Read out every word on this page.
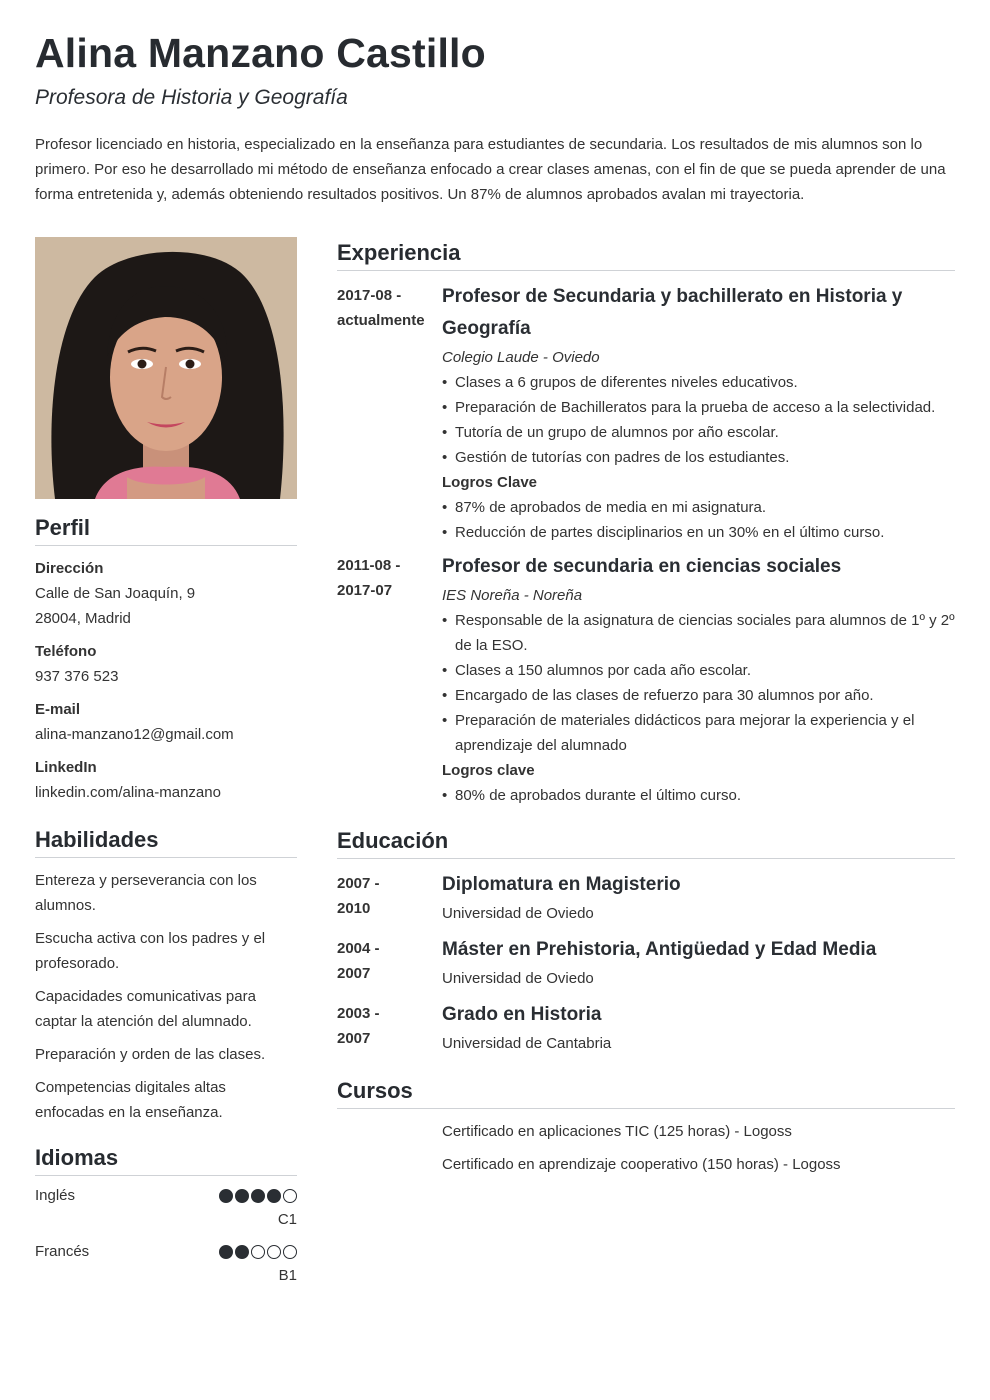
Alina Manzano Castillo
Profesora de Historia y Geografía
Profesor licenciado en historia, especializado en la enseñanza para estudiantes de secundaria. Los resultados de mis alumnos son lo primero. Por eso he desarrollado mi método de enseñanza enfocado a crear clases amenas, con el fin de que se pueda aprender de una forma entretenida y, además obteniendo resultados positivos. Un 87% de alumnos aprobados avalan mi trayectoria.
Perfil
Dirección
Calle de San Joaquín, 9
28004, Madrid
Teléfono
937 376 523
E-mail
alina-manzano12@gmail.com
LinkedIn
linkedin.com/alina-manzano
Habilidades
Entereza y perseverancia con los alumnos.
Escucha activa con los padres y el profesorado.
Capacidades comunicativas para captar la atención del alumnado.
Preparación y orden de las clases.
Competencias digitales altas enfocadas en la enseñanza.
Idiomas
Inglés
C1
Francés
B1
Experiencia
2017-08 -
actualmente
Profesor de Secundaria y bachillerato en Historia y Geografía
Colegio Laude - Oviedo
• Clases a 6 grupos de diferentes niveles educativos.
• Preparación de Bachilleratos para la prueba de acceso a la selectividad.
• Tutoría de un grupo de alumnos por año escolar.
• Gestión de tutorías con padres de los estudiantes.
Logros Clave
• 87% de aprobados de media en mi asignatura.
• Reducción de partes disciplinarios en un 30% en el último curso.
2011-08 -
2017-07
Profesor de secundaria en ciencias sociales
IES Noreña - Noreña
• Responsable de la asignatura de ciencias sociales para alumnos de 1º y 2º de la ESO.
• Clases a 150 alumnos por cada año escolar.
• Encargado de las clases de refuerzo para 30 alumnos por año.
• Preparación de materiales didácticos para mejorar la experiencia y el aprendizaje del alumnado
Logros clave
• 80% de aprobados durante el último curso.
Educación
2007 -
2010
Diplomatura en Magisterio
Universidad de Oviedo
2004 -
2007
Máster en Prehistoria, Antigüedad y Edad Media
Universidad de Oviedo
2003 -
2007
Grado en Historia
Universidad de Cantabria
Cursos
Certificado en aplicaciones TIC (125 horas) - Logoss
Certificado en aprendizaje cooperativo (150 horas) - Logoss
